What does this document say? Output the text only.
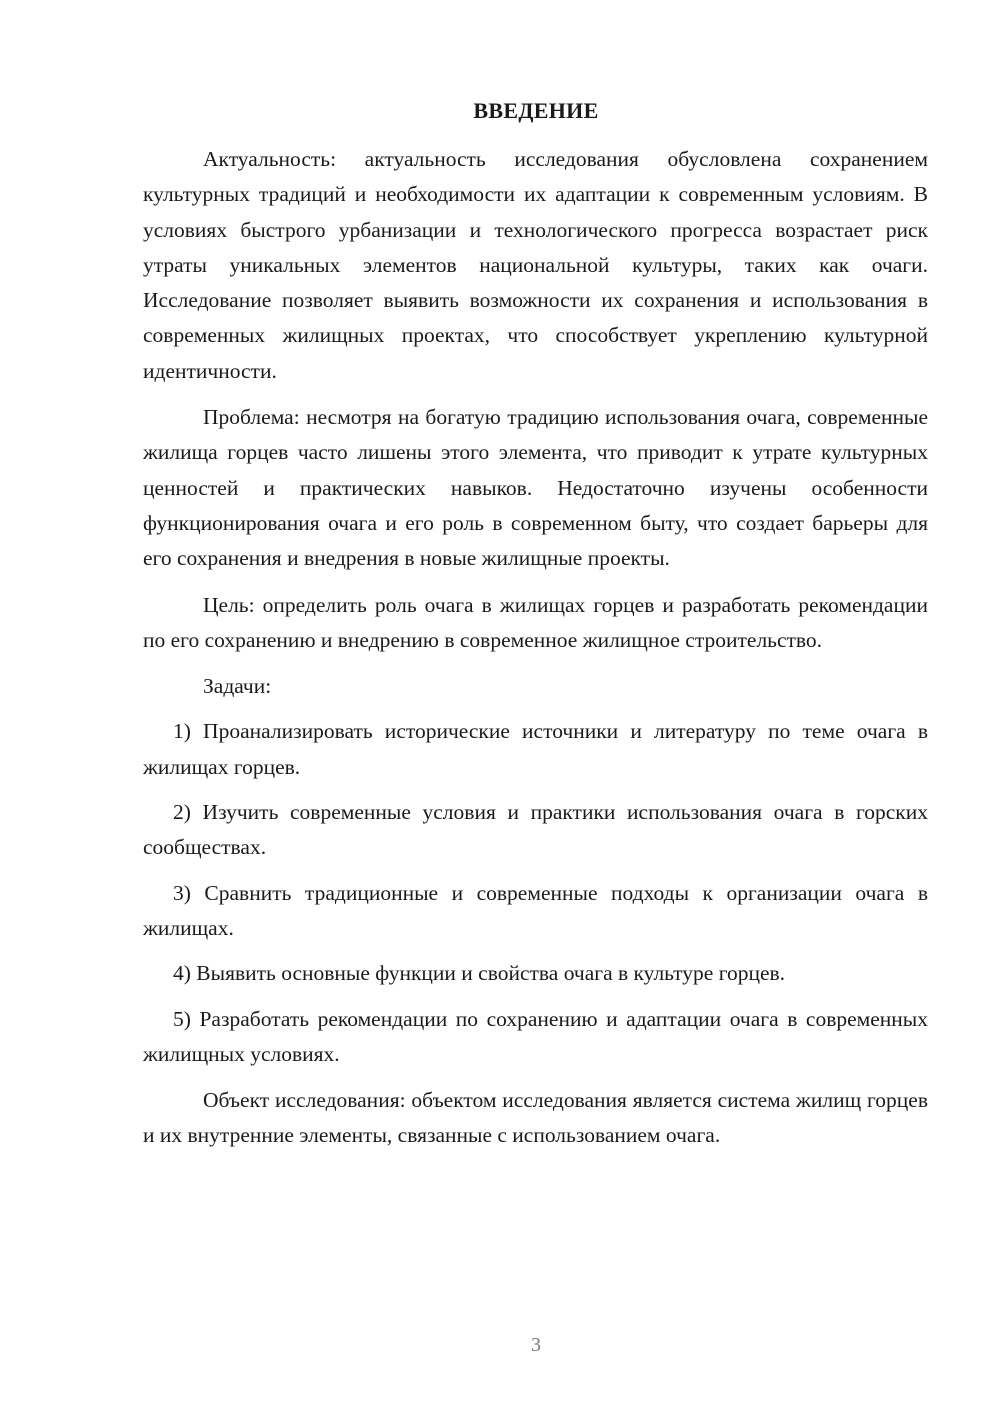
ВВЕДЕНИЕ

Актуальность: актуальность исследования обусловлена сохранением культурных традиций и необходимости их адаптации к современным условиям. В условиях быстрого урбанизации и технологического прогресса возрастает риск утраты уникальных элементов национальной культуры, таких как очаги. Исследование позволяет выявить возможности их сохранения и использования в современных жилищных проектах, что способствует укреплению культурной идентичности.

Проблема: несмотря на богатую традицию использования очага, современные жилища горцев часто лишены этого элемента, что приводит к утрате культурных ценностей и практических навыков. Недостаточно изучены особенности функционирования очага и его роль в современном быту, что создает барьеры для его сохранения и внедрения в новые жилищные проекты.

Цель: определить роль очага в жилищах горцев и разработать рекомендации по его сохранению и внедрению в современное жилищное строительство.

Задачи:

1) Проанализировать исторические источники и литературу по теме очага в жилищах горцев.

2) Изучить современные условия и практики использования очага в горских сообществах.

3) Сравнить традиционные и современные подходы к организации очага в жилищах.

4) Выявить основные функции и свойства очага в культуре горцев.

5) Разработать рекомендации по сохранению и адаптации очага в современных жилищных условиях.

Объект исследования: объектом исследования является система жилищ горцев и их внутренние элементы, связанные с использованием очага.

3
